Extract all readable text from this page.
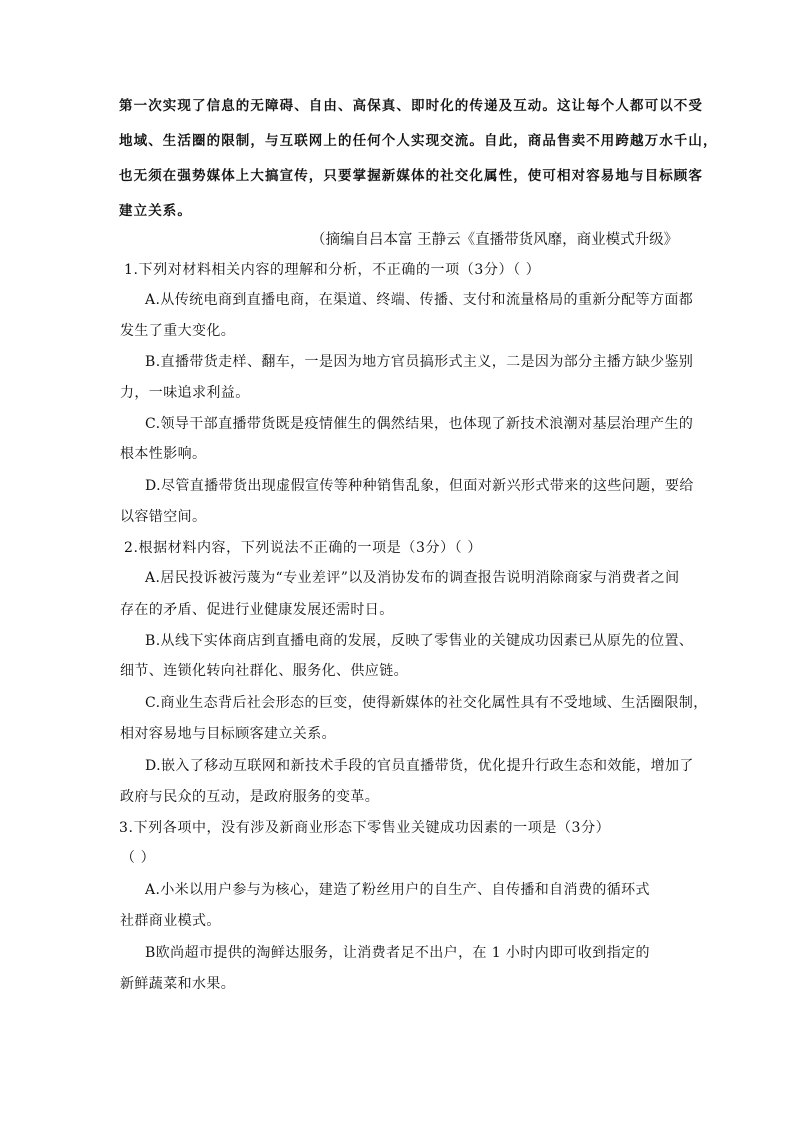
第一次实现了信息的无障碍、自由、高保真、即时化的传递及互动。这让每个人都可以不受
地域、生活圈的限制，与互联网上的任何个人实现交流。自此，商品售卖不用跨越万水千山，
也无须在强势媒体上大搞宣传，只要掌握新媒体的社交化属性，使可相对容易地与目标顾客
建立关系。
（摘编自吕本富 王静云《直播带货风靡，商业模式升级》
1.下列对材料相关内容的理解和分析，不正确的一项（3分）（ ）
A.从传统电商到直播电商，在渠道、终端、传播、支付和流量格局的重新分配等方面都
发生了重大变化。
B.直播带货走样、翻车，一是因为地方官员搞形式主义，二是因为部分主播方缺少鉴别
力，一味追求利益。
C.领导干部直播带货既是疫情催生的偶然结果，也体现了新技术浪潮对基层治理产生的
根本性影响。
D.尽管直播带货出现虚假宣传等种种销售乱象，但面对新兴形式带来的这些问题，要给
以容错空间。
2.根据材料内容，下列说法不正确的一项是（3分）（ ）
A.居民投诉被污蔑为“专业差评”以及消协发布的调查报告说明消除商家与消费者之间
存在的矛盾、促进行业健康发展还需时日。
B.从线下实体商店到直播电商的发展，反映了零售业的关键成功因素已从原先的位置、
细节、连锁化转向社群化、服务化、供应链。
C.商业生态背后社会形态的巨变，使得新媒体的社交化属性具有不受地域、生活圈限制，
相对容易地与目标顾客建立关系。
D.嵌入了移动互联网和新技术手段的官员直播带货，优化提升行政生态和效能，增加了
政府与民众的互动，是政府服务的变革。
3.下列各项中，没有涉及新商业形态下零售业关键成功因素的一项是（3分）
（ ）
A.小米以用户参与为核心，建造了粉丝用户的自生产、自传播和自消费的循环式
社群商业模式。
B欧尚超市提供的淘鲜达服务，让消费者足不出户，在 1 小时内即可收到指定的
新鲜蔬菜和水果。
